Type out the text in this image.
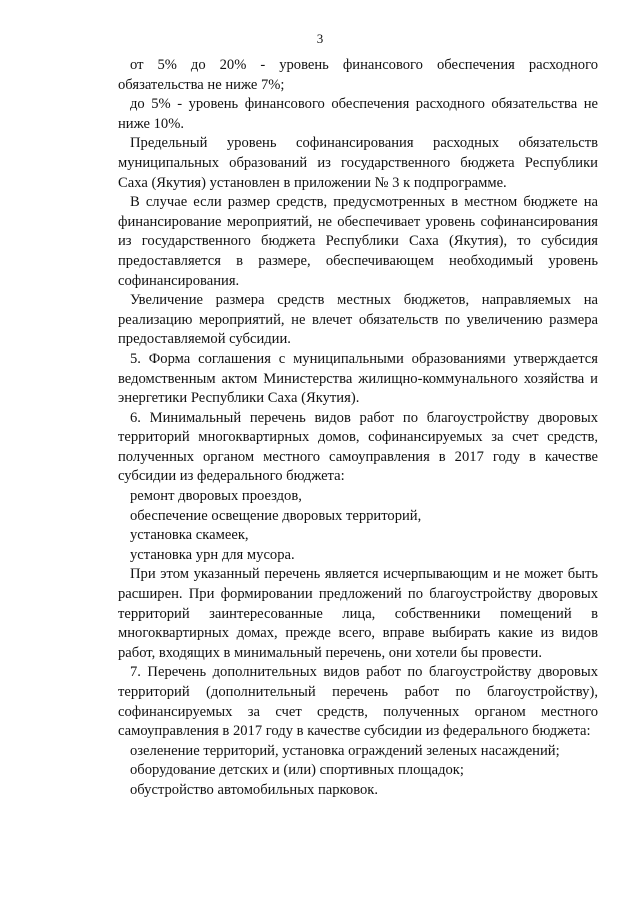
3

от 5% до 20% - уровень финансового обеспечения расходного обязательства не ниже 7%;

до 5% - уровень финансового обеспечения расходного обязательства не ниже 10%.

Предельный уровень софинансирования расходных обязательств муниципальных образований из государственного бюджета Республики Саха (Якутия) установлен в приложении № 3 к подпрограмме.

В случае если размер средств, предусмотренных в местном бюджете на финансирование мероприятий, не обеспечивает уровень софинансирования из государственного бюджета Республики Саха (Якутия), то субсидия предоставляется в размере, обеспечивающем необходимый уровень софинансирования.

Увеличение размера средств местных бюджетов, направляемых на реализацию мероприятий, не влечет обязательств по увеличению размера предоставляемой субсидии.

5. Форма соглашения с муниципальными образованиями утверждается ведомственным актом Министерства жилищно-коммунального хозяйства и энергетики Республики Саха (Якутия).

6. Минимальный перечень видов работ по благоустройству дворовых территорий многоквартирных домов, софинансируемых за счет средств, полученных органом местного самоуправления в 2017 году в качестве субсидии из федерального бюджета:

ремонт дворовых проездов,

обеспечение освещение дворовых территорий,

установка скамеек,

установка урн для мусора.

При этом указанный перечень является исчерпывающим и не может быть расширен. При формировании предложений по благоустройству дворовых территорий заинтересованные лица, собственники помещений в многоквартирных домах, прежде всего, вправе выбирать какие из видов работ, входящих в минимальный перечень, они хотели бы провести.

7. Перечень дополнительных видов работ по благоустройству дворовых территорий (дополнительный перечень работ по благоустройству), софинансируемых за счет средств, полученных органом местного самоуправления в 2017 году в качестве субсидии из федерального бюджета:

озеленение территорий, установка ограждений зеленых насаждений;

оборудование детских и (или) спортивных площадок;

обустройство автомобильных парковок.
